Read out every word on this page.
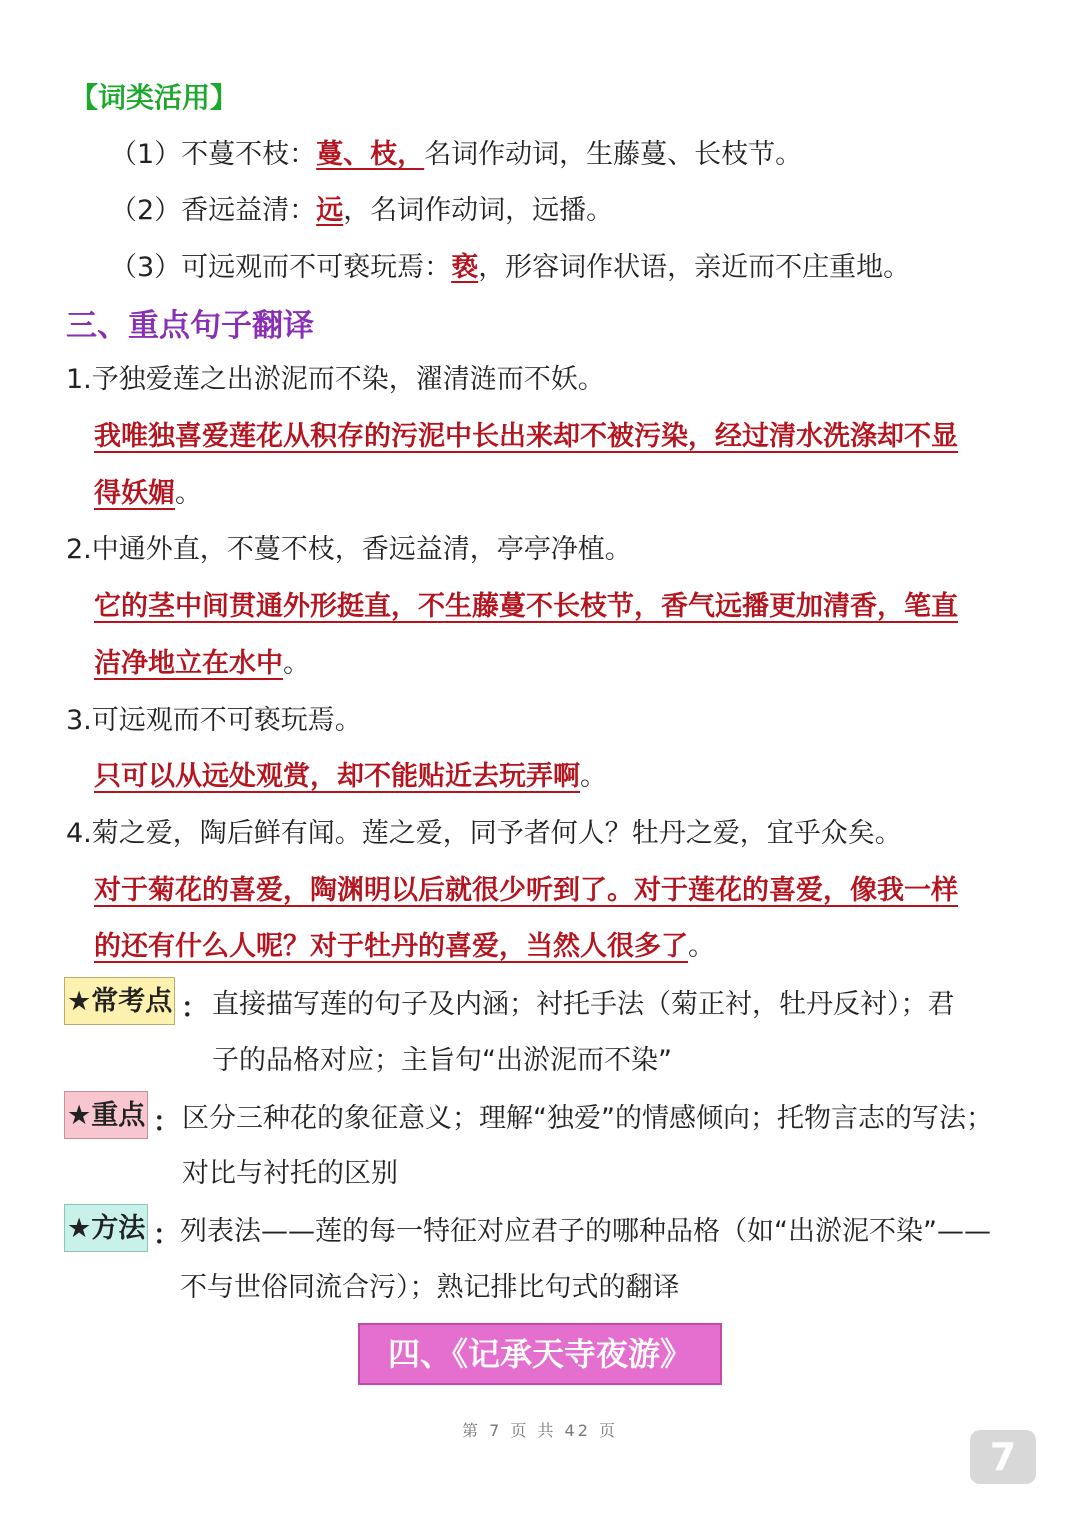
【词类活用】
（1）不蔓不枝：蔓、枝，名词作动词，生藤蔓、长枝节。
（2）香远益清：远，名词作动词，远播。
（3）可远观而不可亵玩焉：亵，形容词作状语，亲近而不庄重地。
三、重点句子翻译
1.予独爱莲之出淤泥而不染，濯清涟而不妖。
我唯独喜爱莲花从积存的污泥中长出来却不被污染，经过清水洗涤却不显
得妖媚。
2.中通外直，不蔓不枝，香远益清，亭亭净植。
它的茎中间贯通外形挺直，不生藤蔓不长枝节，香气远播更加清香，笔直
洁净地立在水中。
3.可远观而不可亵玩焉。
只可以从远处观赏，却不能贴近去玩弄啊。
4.菊之爱，陶后鲜有闻。莲之爱，同予者何人？牡丹之爱，宜乎众矣。
对于菊花的喜爱，陶渊明以后就很少听到了。对于莲花的喜爱，像我一样
的还有什么人呢？对于牡丹的喜爱，当然人很多了。
★常考点 ： 直接描写莲的句子及内涵；衬托手法（菊正衬，牡丹反衬）；君
子的品格对应；主旨句“出淤泥而不染”
★重点 ： 区分三种花的象征意义；理解“独爱”的情感倾向；托物言志的写法；
对比与衬托的区别
★方法 ： 列表法——莲的每一特征对应君子的哪种品格（如“出淤泥不染”——
不与世俗同流合污）；熟记排比句式的翻译
四、《记承天寺夜游》
第 7 页 共 42 页
7
